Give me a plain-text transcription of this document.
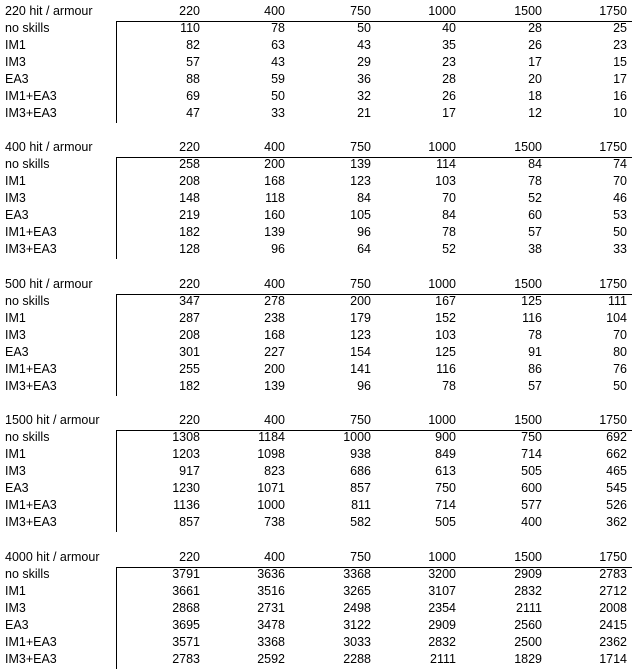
220 hit / armour	220	400	750	1000	1500	1750
no skills	110	78	50	40	28	25
IM1	82	63	43	35	26	23
IM3	57	43	29	23	17	15
EA3	88	59	36	28	20	17
IM1+EA3	69	50	32	26	18	16
IM3+EA3	47	33	21	17	12	10
400 hit / armour	220	400	750	1000	1500	1750
no skills	258	200	139	114	84	74
IM1	208	168	123	103	78	70
IM3	148	118	84	70	52	46
EA3	219	160	105	84	60	53
IM1+EA3	182	139	96	78	57	50
IM3+EA3	128	96	64	52	38	33
500 hit / armour	220	400	750	1000	1500	1750
no skills	347	278	200	167	125	111
IM1	287	238	179	152	116	104
IM3	208	168	123	103	78	70
EA3	301	227	154	125	91	80
IM1+EA3	255	200	141	116	86	76
IM3+EA3	182	139	96	78	57	50
1500 hit / armour	220	400	750	1000	1500	1750
no skills	1308	1184	1000	900	750	692
IM1	1203	1098	938	849	714	662
IM3	917	823	686	613	505	465
EA3	1230	1071	857	750	600	545
IM1+EA3	1136	1000	811	714	577	526
IM3+EA3	857	738	582	505	400	362
4000 hit / armour	220	400	750	1000	1500	1750
no skills	3791	3636	3368	3200	2909	2783
IM1	3661	3516	3265	3107	2832	2712
IM3	2868	2731	2498	2354	2111	2008
EA3	3695	3478	3122	2909	2560	2415
IM1+EA3	3571	3368	3033	2832	2500	2362
IM3+EA3	2783	2592	2288	2111	1829	1714
